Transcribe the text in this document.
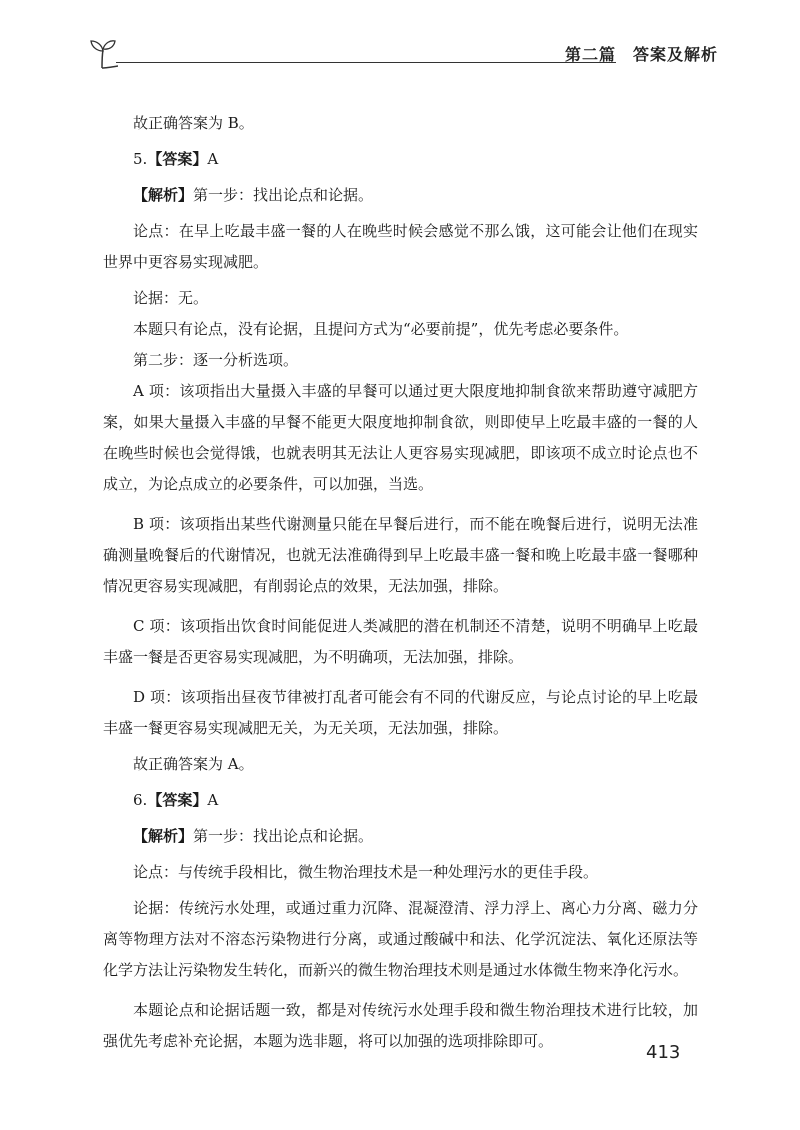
第二篇　答案及解析

故正确答案为 B。

5.【答案】A

【解析】第一步：找出论点和论据。

论点：在早上吃最丰盛一餐的人在晚些时候会感觉不那么饿，这可能会让他们在现实世界中更容易实现减肥。

论据：无。

本题只有论点，没有论据，且提问方式为“必要前提”，优先考虑必要条件。

第二步：逐一分析选项。

A 项：该项指出大量摄入丰盛的早餐可以通过更大限度地抑制食欲来帮助遵守减肥方案，如果大量摄入丰盛的早餐不能更大限度地抑制食欲，则即使早上吃最丰盛的一餐的人在晚些时候也会觉得饿，也就表明其无法让人更容易实现减肥，即该项不成立时论点也不成立，为论点成立的必要条件，可以加强，当选。

B 项：该项指出某些代谢测量只能在早餐后进行，而不能在晚餐后进行，说明无法准确测量晚餐后的代谢情况，也就无法准确得到早上吃最丰盛一餐和晚上吃最丰盛一餐哪种情况更容易实现减肥，有削弱论点的效果，无法加强，排除。

C 项：该项指出饮食时间能促进人类减肥的潜在机制还不清楚，说明不明确早上吃最丰盛一餐是否更容易实现减肥，为不明确项，无法加强，排除。

D 项：该项指出昼夜节律被打乱者可能会有不同的代谢反应，与论点讨论的早上吃最丰盛一餐更容易实现减肥无关，为无关项，无法加强，排除。

故正确答案为 A。

6.【答案】A

【解析】第一步：找出论点和论据。

论点：与传统手段相比，微生物治理技术是一种处理污水的更佳手段。

论据：传统污水处理，或通过重力沉降、混凝澄清、浮力浮上、离心力分离、磁力分离等物理方法对不溶态污染物进行分离，或通过酸碱中和法、化学沉淀法、氧化还原法等化学方法让污染物发生转化，而新兴的微生物治理技术则是通过水体微生物来净化污水。

本题论点和论据话题一致，都是对传统污水处理手段和微生物治理技术进行比较，加强优先考虑补充论据，本题为选非题，将可以加强的选项排除即可。

413
